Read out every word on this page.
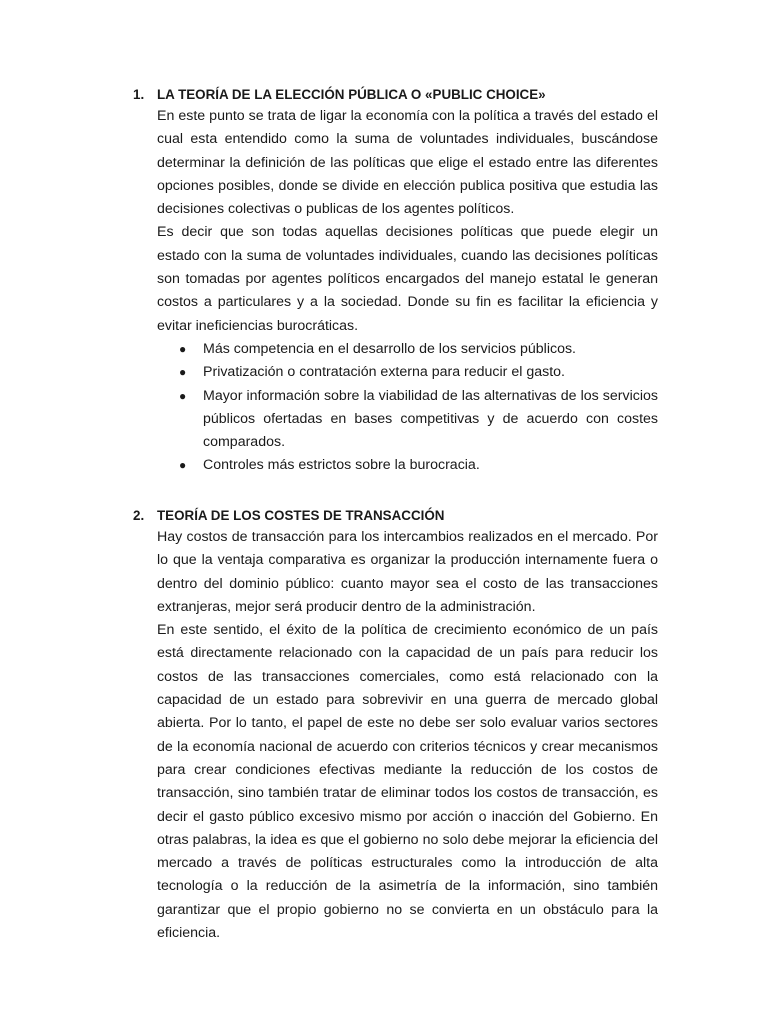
1. LA TEORÍA DE LA ELECCIÓN PÚBLICA O «PUBLIC CHOICE»

En este punto se trata de ligar la economía con la política a través del estado el cual esta entendido como la suma de voluntades individuales, buscándose determinar la definición de las políticas que elige el estado entre las diferentes opciones posibles, donde se divide en elección publica positiva que estudia las decisiones colectivas o publicas de los agentes políticos.

Es decir que son todas aquellas decisiones políticas que puede elegir un estado con la suma de voluntades individuales, cuando las decisiones políticas son tomadas por agentes políticos encargados del manejo estatal le generan costos a particulares y a la sociedad. Donde su fin es facilitar la eficiencia y evitar ineficiencias burocráticas.

● Más competencia en el desarrollo de los servicios públicos.
● Privatización o contratación externa para reducir el gasto.
● Mayor información sobre la viabilidad de las alternativas de los servicios públicos ofertadas en bases competitivas y de acuerdo con costes comparados.
● Controles más estrictos sobre la burocracia.
2. TEORÍA DE LOS COSTES DE TRANSACCIÓN

Hay costos de transacción para los intercambios realizados en el mercado. Por lo que la ventaja comparativa es organizar la producción internamente fuera o dentro del dominio público: cuanto mayor sea el costo de las transacciones extranjeras, mejor será producir dentro de la administración.

En este sentido, el éxito de la política de crecimiento económico de un país está directamente relacionado con la capacidad de un país para reducir los costos de las transacciones comerciales, como está relacionado con la capacidad de un estado para sobrevivir en una guerra de mercado global abierta. Por lo tanto, el papel de este no debe ser solo evaluar varios sectores de la economía nacional de acuerdo con criterios técnicos y crear mecanismos para crear condiciones efectivas mediante la reducción de los costos de transacción, sino también tratar de eliminar todos los costos de transacción, es decir el gasto público excesivo mismo por acción o inacción del Gobierno. En otras palabras, la idea es que el gobierno no solo debe mejorar la eficiencia del mercado a través de políticas estructurales como la introducción de alta tecnología o la reducción de la asimetría de la información, sino también garantizar que el propio gobierno no se convierta en un obstáculo para la eficiencia.
